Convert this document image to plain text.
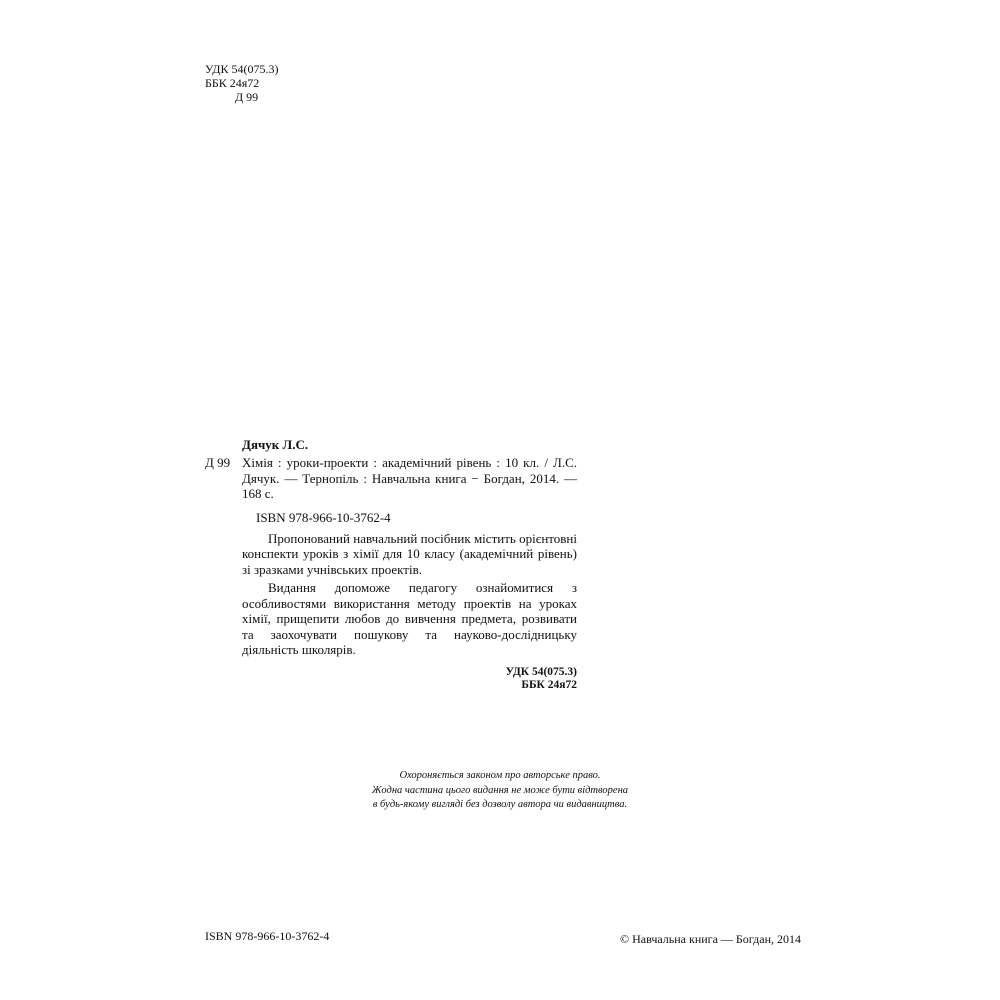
УДК 54(075.3)
ББК 24я72
Д 99
Д 99
Дячук Л.С.
Хімія : уроки-проекти : академічний рівень : 10 кл. / Л.С. Дячук. — Тернопіль : Навчальна книга − Богдан, 2014. — 168 с.
ISBN 978-966-10-3762-4

Пропонований навчальний посібник містить орієнтовні конспекти уроків з хімії для 10 класу (академічний рівень) зі зразками учнівських проектів.

Видання допоможе педагогу ознайомитися з особливостями використання методу проектів на уроках хімії, прищепити любов до вивчення предмета, розвивати та заохочувати пошукову та науково-дослідницьку діяльність школярів.

УДК 54(075.3)
ББК 24я72
Охороняється законом про авторське право.
Жодна частина цього видання не може бути відтворена
в будь-якому вигляді без дозволу автора чи видавництва.
ISBN 978-966-10-3762-4	© Навчальна книга — Богдан, 2014
